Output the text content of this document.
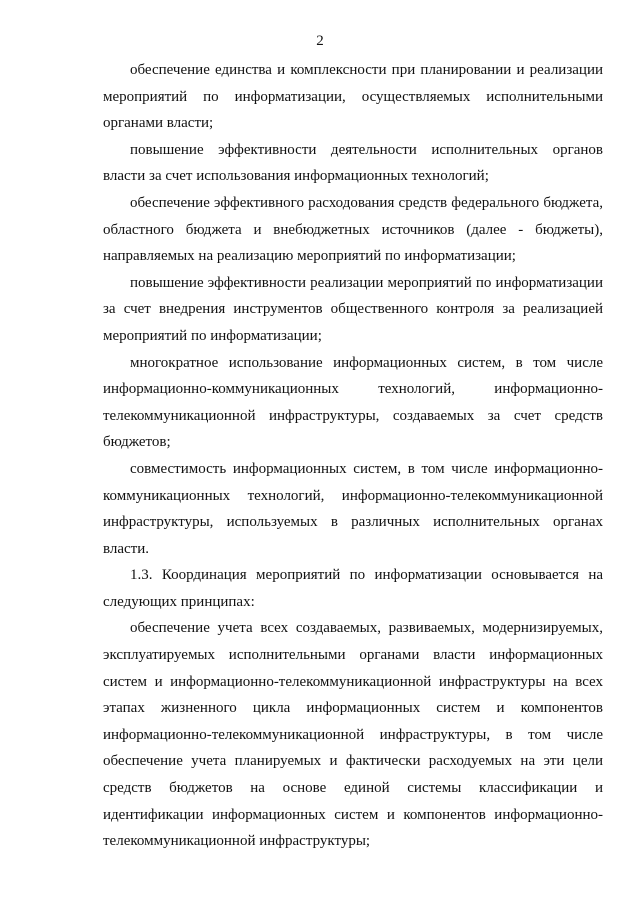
2

обеспечение единства и комплексности при планировании и реализации мероприятий по информатизации, осуществляемых исполнительными органами власти;

повышение эффективности деятельности исполнительных органов власти за счет использования информационных технологий;

обеспечение эффективного расходования средств федерального бюджета, областного бюджета и внебюджетных источников (далее - бюджеты), направляемых на реализацию мероприятий по информатизации;

повышение эффективности реализации мероприятий по информатизации за счет внедрения инструментов общественного контроля за реализацией мероприятий по информатизации;

многократное использование информационных систем, в том числе информационно-коммуникационных технологий, информационно-телекоммуникационной инфраструктуры, создаваемых за счет средств бюджетов;

совместимость информационных систем, в том числе информационно-коммуникационных технологий, информационно-телекоммуникационной инфраструктуры, используемых в различных исполнительных органах власти.

1.3. Координация мероприятий по информатизации основывается на следующих принципах:

обеспечение учета всех создаваемых, развиваемых, модернизируемых, эксплуатируемых исполнительными органами власти информационных систем и информационно-телекоммуникационной инфраструктуры на всех этапах жизненного цикла информационных систем и компонентов информационно-телекоммуникационной инфраструктуры, в том числе обеспечение учета планируемых и фактически расходуемых на эти цели средств бюджетов на основе единой системы классификации и идентификации информационных систем и компонентов информационно-телекоммуникационной инфраструктуры;
